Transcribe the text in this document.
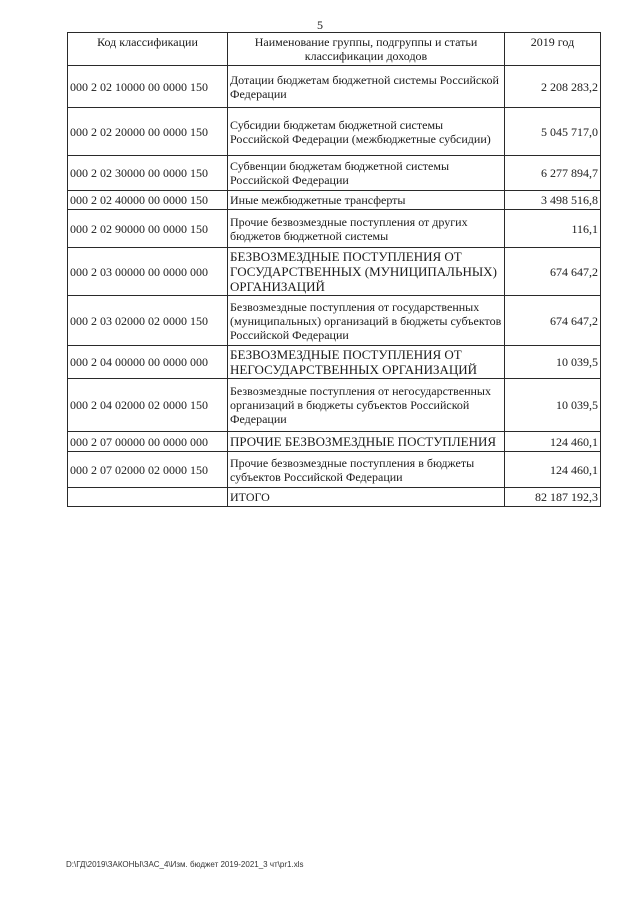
5
Код классификации	Наименование группы, подгруппы и статьи классификации доходов	2019 год
000 2 02 10000 00 0000 150	Дотации бюджетам бюджетной системы Российской Федерации	2 208 283,2
000 2 02 20000 00 0000 150	Субсидии бюджетам бюджетной системы Российской Федерации (межбюджетные субсидии)	5 045 717,0
000 2 02 30000 00 0000 150	Субвенции бюджетам бюджетной системы Российской Федерации	6 277 894,7
000 2 02 40000 00 0000 150	Иные межбюджетные трансферты	3 498 516,8
000 2 02 90000 00 0000 150	Прочие безвозмездные поступления от других бюджетов бюджетной системы	116,1
000 2 03 00000 00 0000 000	БЕЗВОЗМЕЗДНЫЕ ПОСТУПЛЕНИЯ ОТ ГОСУДАРСТВЕННЫХ (МУНИЦИПАЛЬНЫХ) ОРГАНИЗАЦИЙ	674 647,2
000 2 03 02000 02 0000 150	Безвозмездные поступления от государственных (муниципальных) организаций в бюджеты субъектов Российской Федерации	674 647,2
000 2 04 00000 00 0000 000	БЕЗВОЗМЕЗДНЫЕ ПОСТУПЛЕНИЯ ОТ НЕГОСУДАРСТВЕННЫХ ОРГАНИЗАЦИЙ	10 039,5
000 2 04 02000 02 0000 150	Безвозмездные поступления от негосударственных организаций в бюджеты субъектов Российской Федерации	10 039,5
000 2 07 00000 00 0000 000	ПРОЧИЕ БЕЗВОЗМЕЗДНЫЕ ПОСТУПЛЕНИЯ	124 460,1
000 2 07 02000 02 0000 150	Прочие безвозмездные поступления в бюджеты субъектов Российской Федерации	124 460,1
	ИТОГО	82 187 192,3
D:\ГД\2019\ЗАКОНЫ\ЗАС_4\Изм. бюджет 2019-2021_3 чт\pr1.xls
